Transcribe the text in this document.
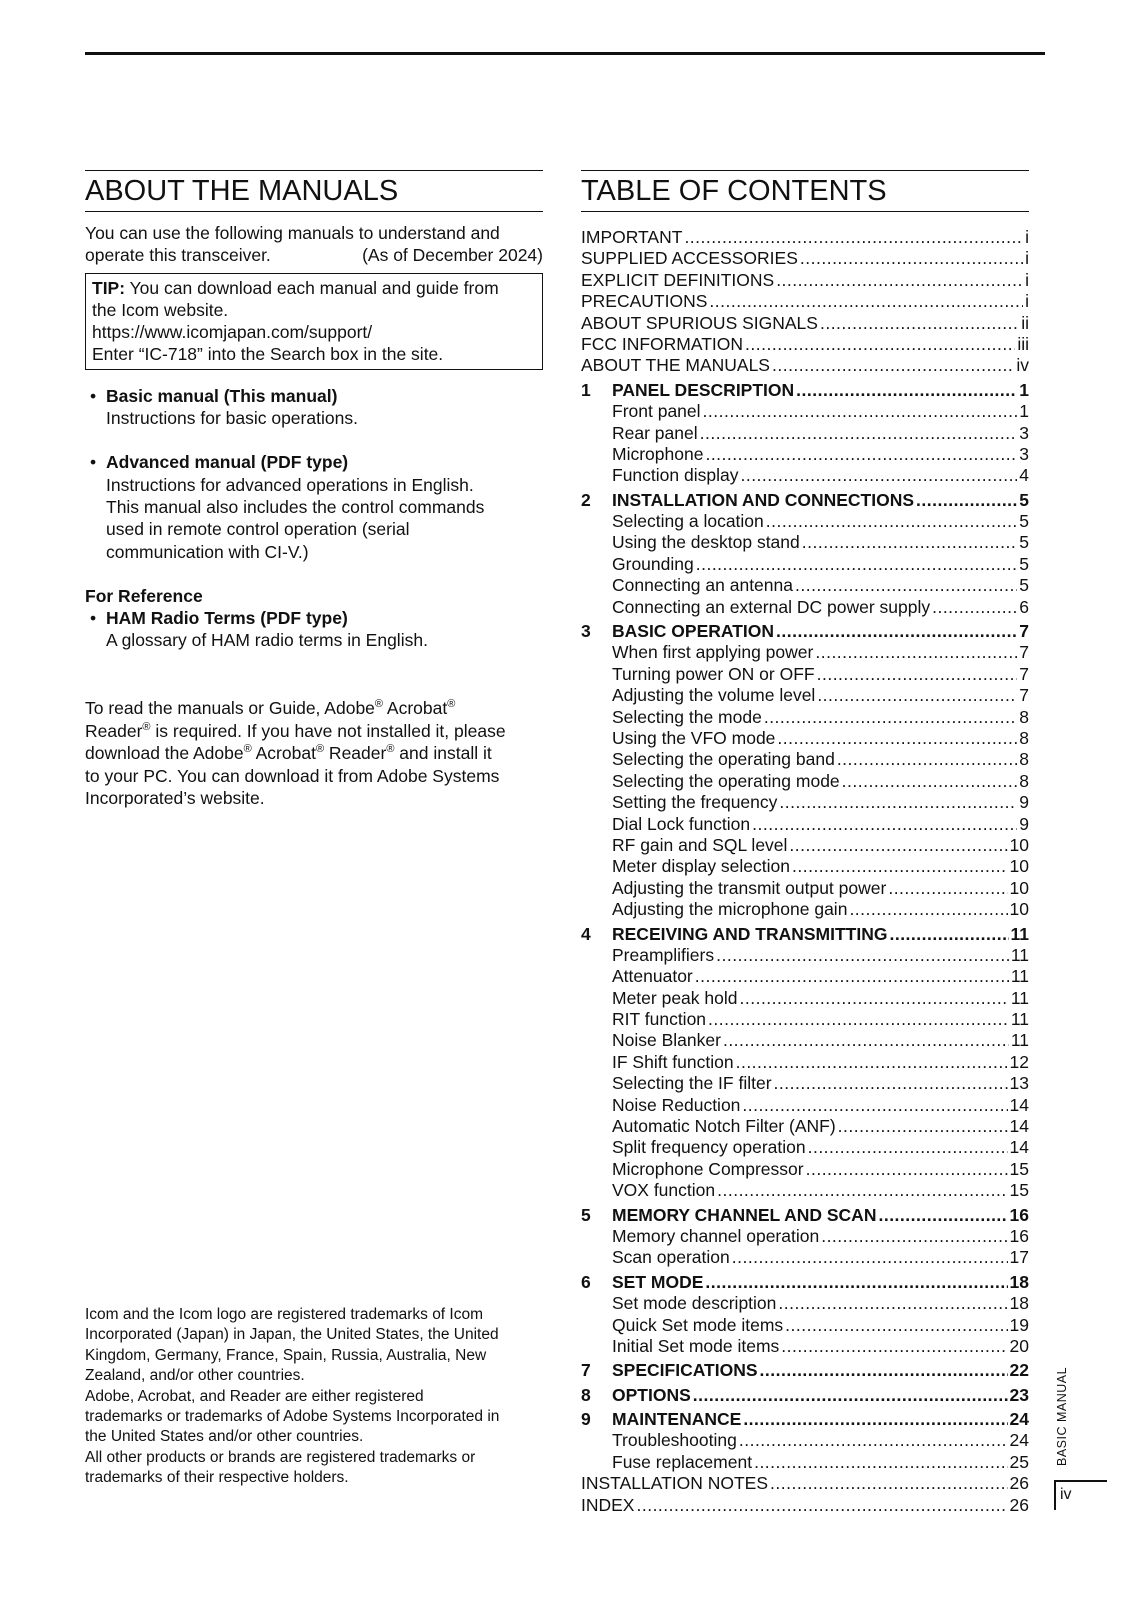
ABOUT THE MANUALS
You can use the following manuals to understand and
operate this transceiver.	(As of December 2024)
TIP: You can download each manual and guide from
the Icom website.
https://www.icomjapan.com/support/
Enter “IC-718” into the Search box in the site.
• Basic manual (This manual)
Instructions for basic operations.
• Advanced manual (PDF type)
Instructions for advanced operations in English.
This manual also includes the control commands
used in remote control operation (serial
communication with CI-V.)
For Reference
• HAM Radio Terms (PDF type)
A glossary of HAM radio terms in English.
To read the manuals or Guide, Adobe® Acrobat®
Reader® is required. If you have not installed it, please
download the Adobe® Acrobat® Reader® and install it
to your PC. You can download it from Adobe Systems
Incorporated’s website.
Icom and the Icom logo are registered trademarks of Icom
Incorporated (Japan) in Japan, the United States, the United
Kingdom, Germany, France, Spain, Russia, Australia, New
Zealand, and/or other countries.
Adobe, Acrobat, and Reader are either registered
trademarks or trademarks of Adobe Systems Incorporated in
the United States and/or other countries.
All other products or brands are registered trademarks or
trademarks of their respective holders.
TABLE OF CONTENTS
IMPORTANT .....	i
SUPPLIED ACCESSORIES .....	i
EXPLICIT DEFINITIONS .....	i
PRECAUTIONS .....	i
ABOUT SPURIOUS SIGNALS .....	ii
FCC INFORMATION .....	iii
ABOUT THE MANUALS .....	iv
1	PANEL DESCRIPTION .....	1
Front panel .....	1
Rear panel .....	3
Microphone .....	3
Function display .....	4
2	INSTALLATION AND CONNECTIONS .....	5
Selecting a location .....	5
Using the desktop stand .....	5
Grounding .....	5
Connecting an antenna .....	5
Connecting an external DC power supply .....	6
3	BASIC OPERATION .....	7
When first applying power .....	7
Turning power ON or OFF .....	7
Adjusting the volume level .....	7
Selecting the mode .....	8
Using the VFO mode .....	8
Selecting the operating band .....	8
Selecting the operating mode .....	8
Setting the frequency .....	9
Dial Lock function .....	9
RF gain and SQL level .....	10
Meter display selection .....	10
Adjusting the transmit output power .....	10
Adjusting the microphone gain .....	10
4	RECEIVING AND TRANSMITTING .....	11
Preamplifiers .....	11
Attenuator .....	11
Meter peak hold .....	11
RIT function .....	11
Noise Blanker .....	11
IF Shift function .....	12
Selecting the IF filter .....	13
Noise Reduction .....	14
Automatic Notch Filter (ANF) .....	14
Split frequency operation .....	14
Microphone Compressor .....	15
VOX function .....	15
5	MEMORY CHANNEL AND SCAN .....	16
Memory channel operation .....	16
Scan operation .....	17
6	SET MODE .....	18
Set mode description .....	18
Quick Set mode items .....	19
Initial Set mode items .....	20
7	SPECIFICATIONS .....	22
8	OPTIONS .....	23
9	MAINTENANCE .....	24
Troubleshooting .....	24
Fuse replacement .....	25
INSTALLATION NOTES .....	26
INDEX .....	26
BASIC MANUAL
iv
